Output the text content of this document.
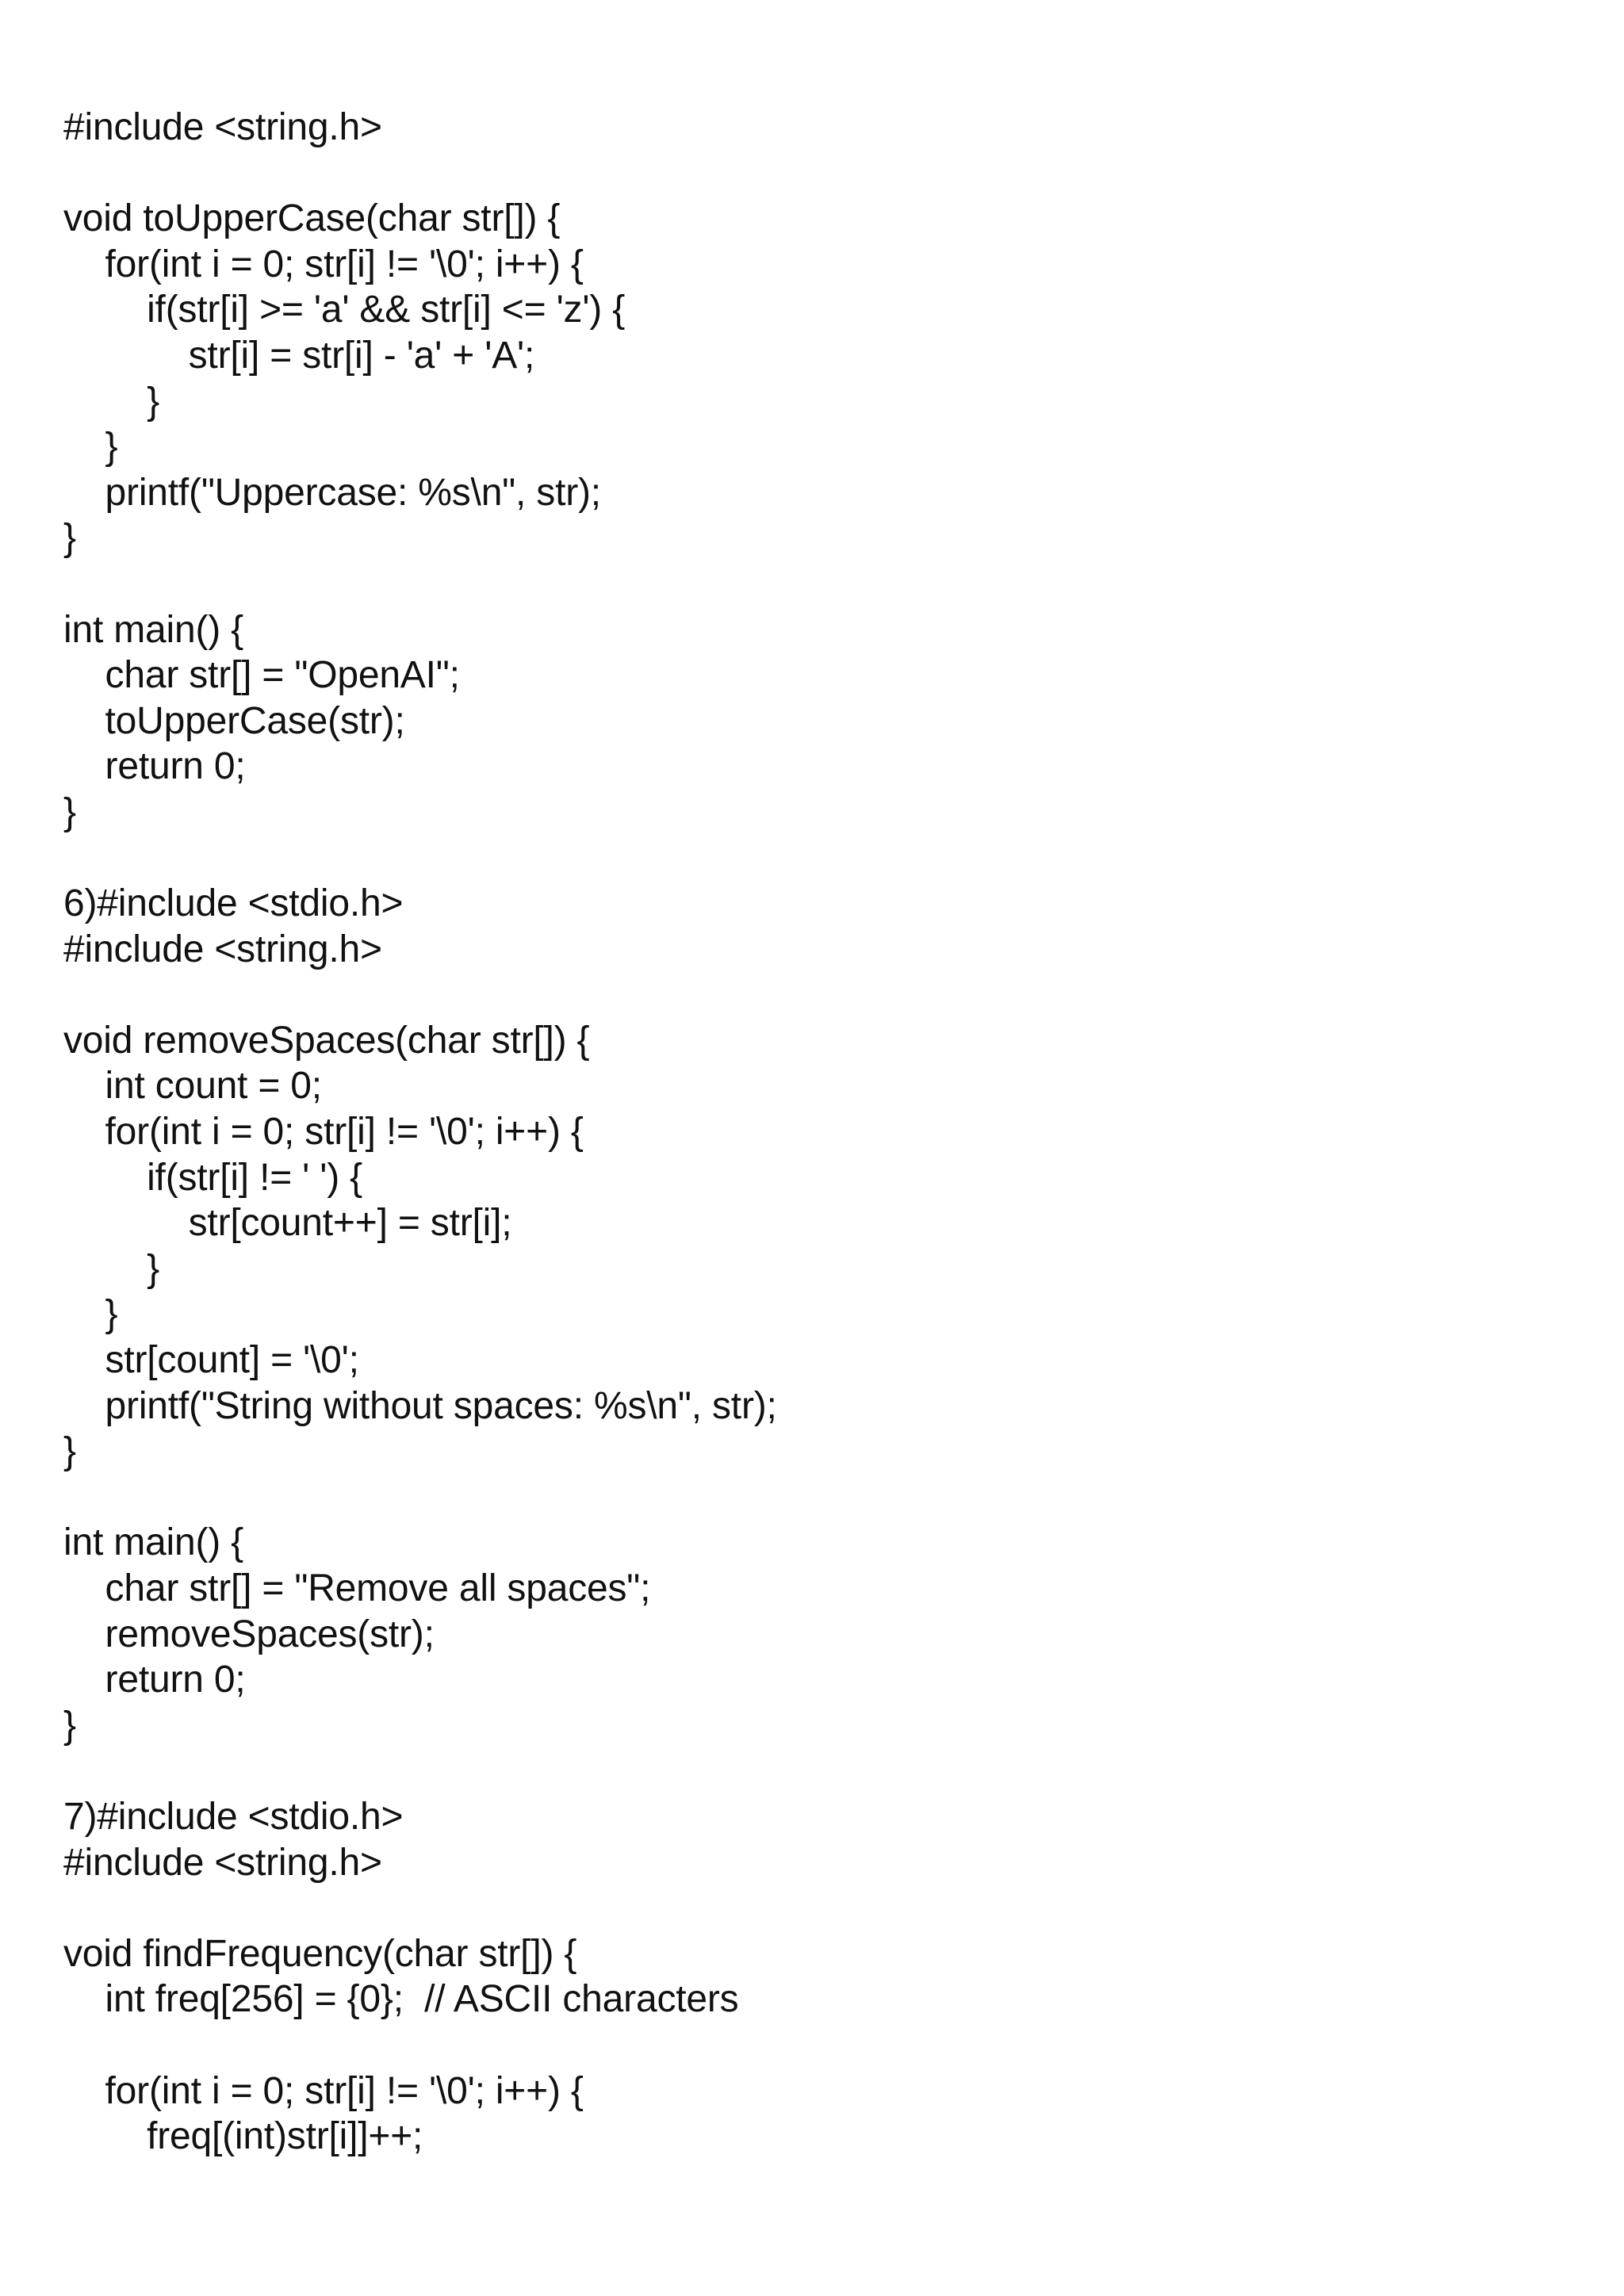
#include <string.h>
void toUpperCase(char str[]) {
for(int i = 0; str[i] != '\0'; i++) {
if(str[i] >= 'a' && str[i] <= 'z') {
str[i] = str[i] - 'a' + 'A';
}
}
printf("Uppercase: %s\n", str);
}
int main() {
char str[] = "OpenAI";
toUpperCase(str);
return 0;
}
6)#include <stdio.h>
#include <string.h>
void removeSpaces(char str[]) {
int count = 0;
for(int i = 0; str[i] != '\0'; i++) {
if(str[i] != ' ') {
str[count++] = str[i];
}
}
str[count] = '\0';
printf("String without spaces: %s\n", str);
}
int main() {
char str[] = "Remove all spaces";
removeSpaces(str);
return 0;
}
7)#include <stdio.h>
#include <string.h>
void findFrequency(char str[]) {
int freq[256] = {0};  // ASCII characters
for(int i = 0; str[i] != '\0'; i++) {
freq[(int)str[i]]++;
